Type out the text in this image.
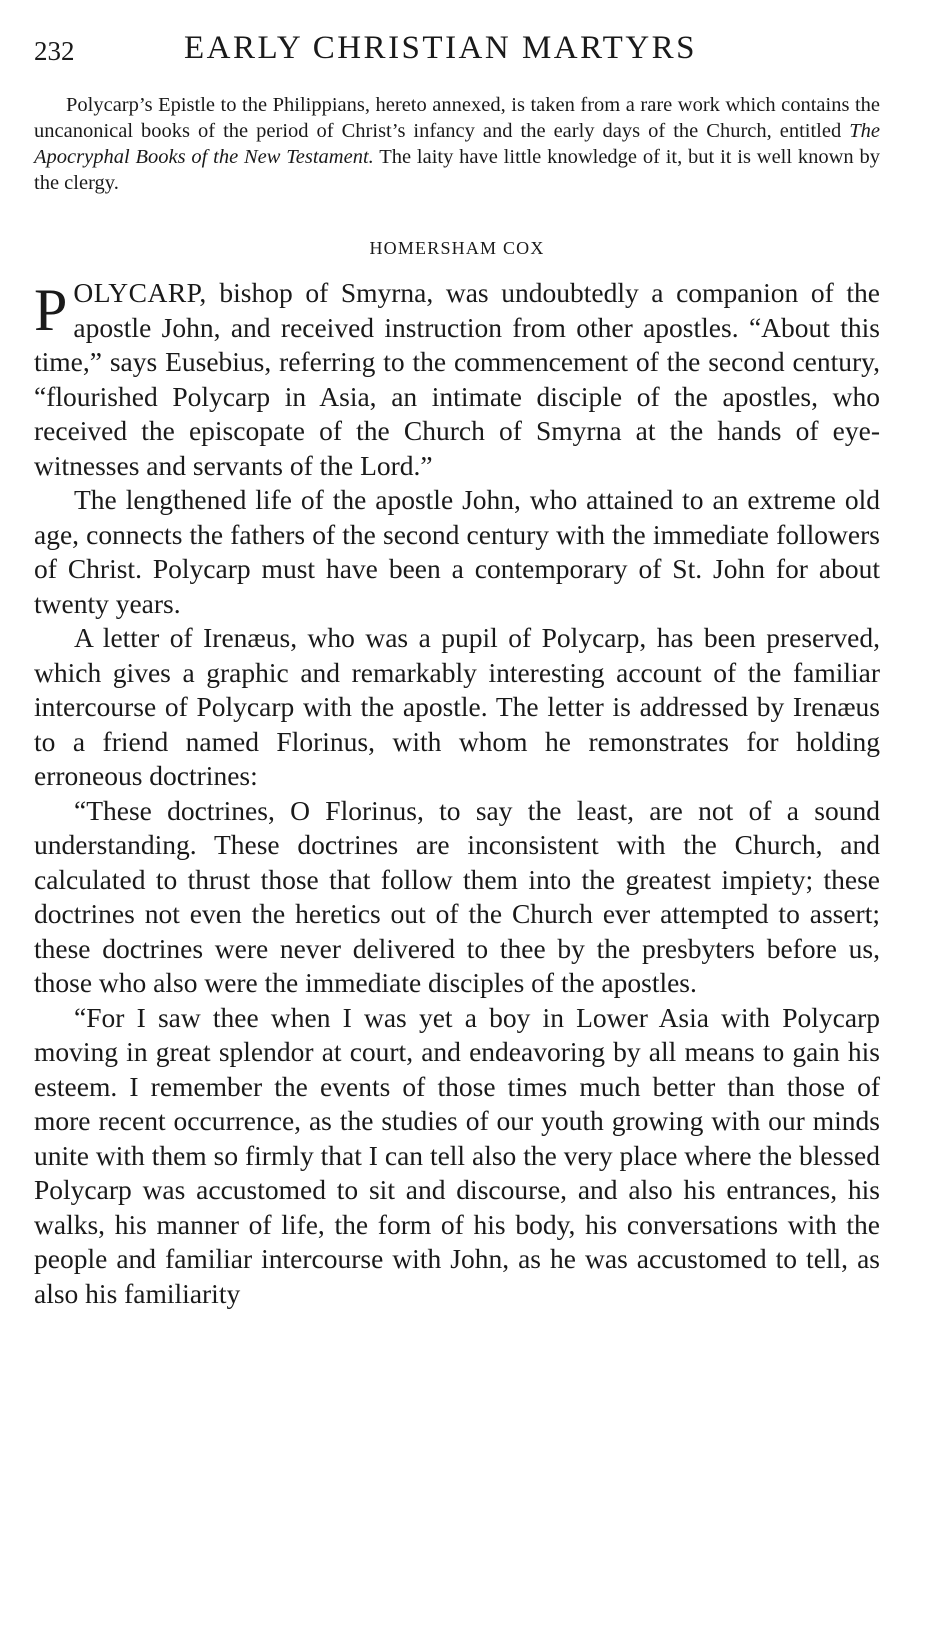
232	EARLY CHRISTIAN MARTYRS

Polycarp’s Epistle to the Philippians, hereto annexed, is taken from a rare work which contains the uncanonical books of the period of Christ’s infancy and the early days of the Church, entitled The Apocryphal Books of the New Testament. The laity have little knowledge of it, but it is well known by the clergy.

HOMERSHAM COX

POLYCARP, bishop of Smyrna, was undoubtedly a companion of the apostle John, and received instruction from other apostles. “About this time,” says Eusebius, referring to the commencement of the second century, “flourished Polycarp in Asia, an intimate disciple of the apostles, who received the episcopate of the Church of Smyrna at the hands of eye-witnesses and servants of the Lord.”

The lengthened life of the apostle John, who attained to an extreme old age, connects the fathers of the second century with the immediate followers of Christ. Polycarp must have been a contemporary of St. John for about twenty years.

A letter of Irenæus, who was a pupil of Polycarp, has been preserved, which gives a graphic and remarkably interesting account of the familiar intercourse of Polycarp with the apostle. The letter is addressed by Irenæus to a friend named Florinus, with whom he remonstrates for holding erroneous doctrines:

“These doctrines, O Florinus, to say the least, are not of a sound understanding. These doctrines are inconsistent with the Church, and calculated to thrust those that follow them into the greatest impiety; these doctrines not even the heretics out of the Church ever attempted to assert; these doctrines were never delivered to thee by the presbyters before us, those who also were the immediate disciples of the apostles.

“For I saw thee when I was yet a boy in Lower Asia with Polycarp moving in great splendor at court, and endeavoring by all means to gain his esteem. I remember the events of those times much better than those of more recent occurrence, as the studies of our youth growing with our minds unite with them so firmly that I can tell also the very place where the blessed Polycarp was accustomed to sit and discourse, and also his entrances, his walks, his manner of life, the form of his body, his conversations with the people and familiar intercourse with John, as he was accustomed to tell, as also his familiarity
